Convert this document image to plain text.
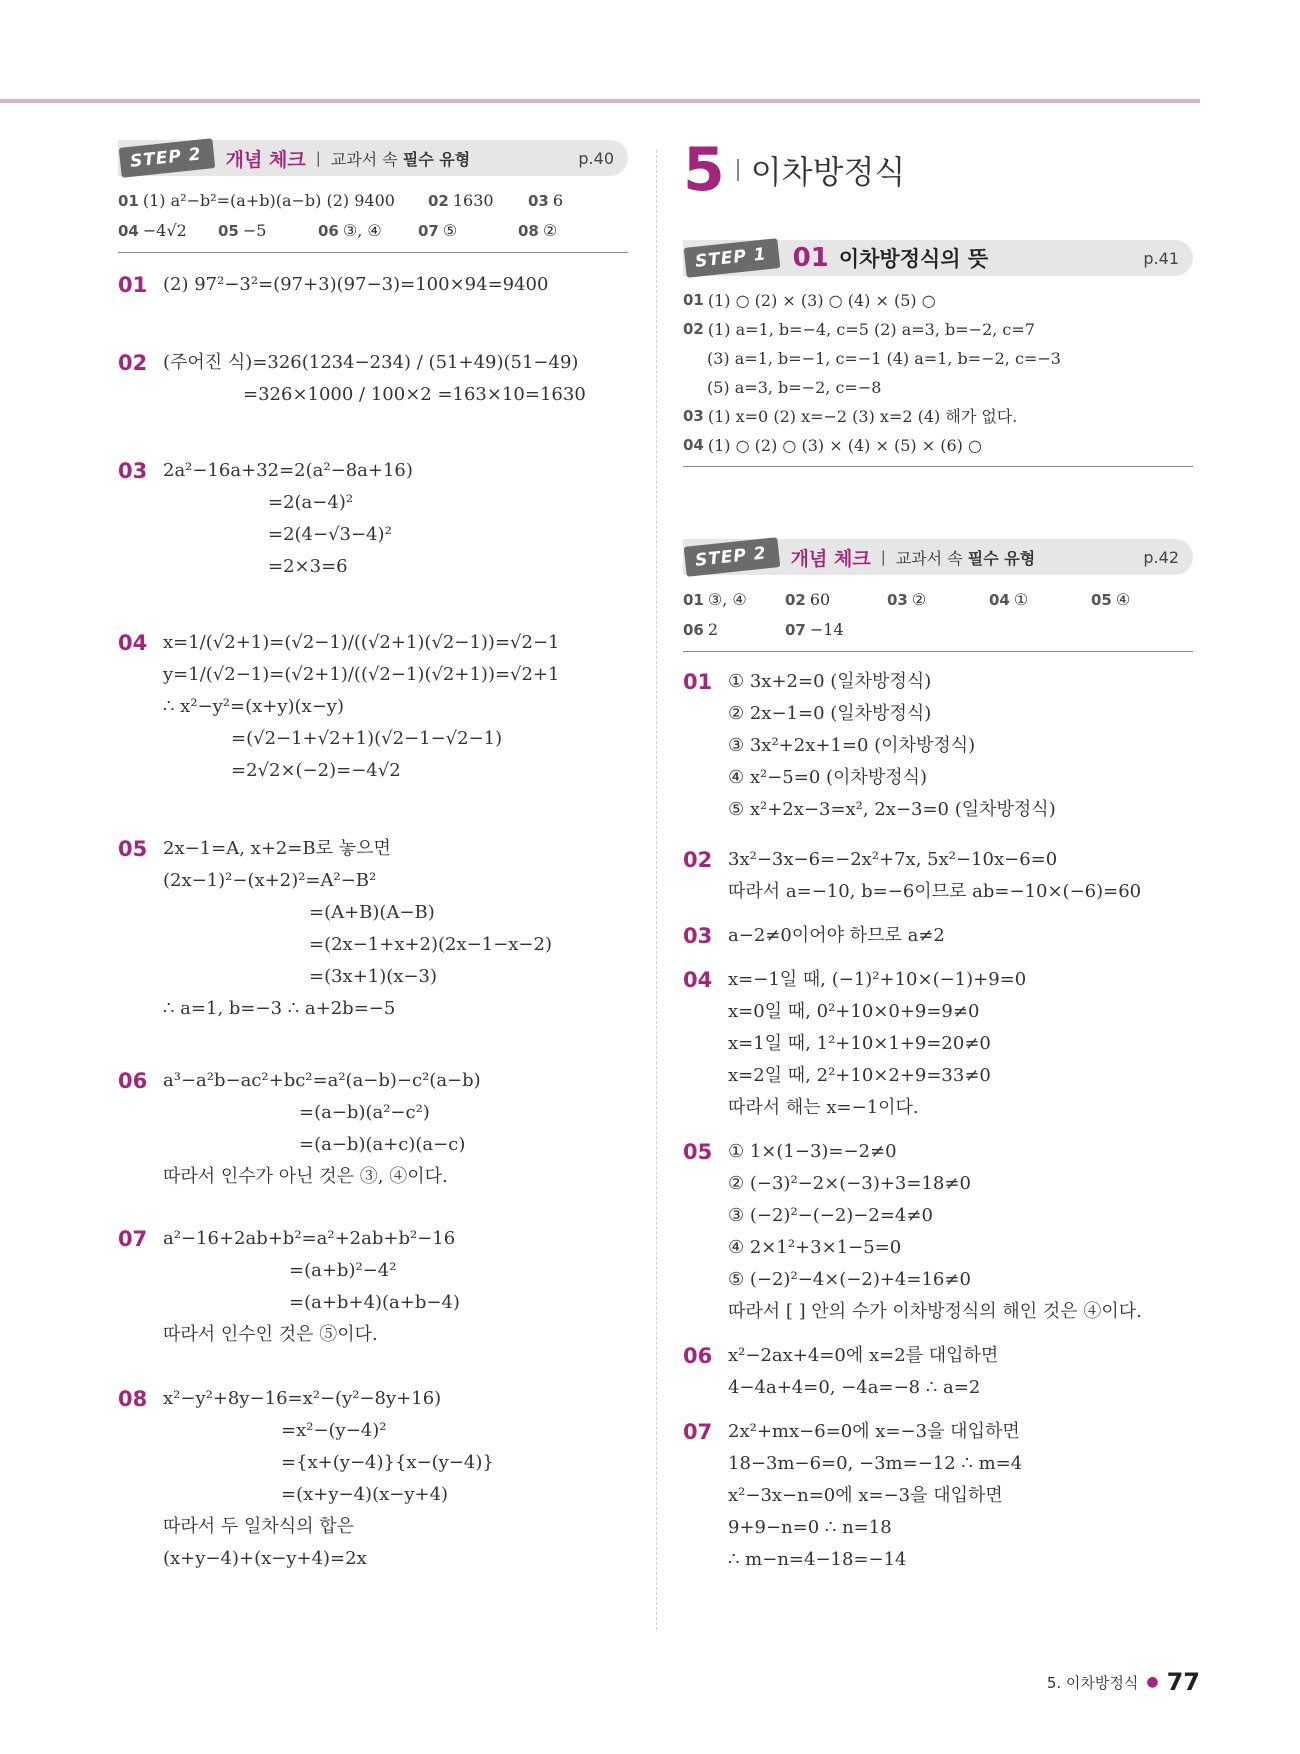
STEP 2	개념 체크 | 교과서 속 필수 유형	p.40
01 (1) a²−b²=(a+b)(a−b) (2) 9400	02 1630	03 6
04 −4√2	05 −5	06 ③, ④	07 ⑤	08 ②
01 (2) 97²−3²=(97+3)(97−3)=100×94=9400
02 (주어진 식)=326(1234−234) / (51+49)(51−49)
=326×1000 / 100×2 =163×10=1630
03 2a²−16a+32=2(a²−8a+16)
=2(a−4)²
=2(4−√3−4)²
=2×3=6
04 x=1/(√2+1)=(√2−1)/((√2+1)(√2−1))=√2−1
y=1/(√2−1)=(√2+1)/((√2−1)(√2+1))=√2+1
∴ x²−y²=(x+y)(x−y)
=(√2−1+√2+1)(√2−1−√2−1)
=2√2×(−2)=−4√2
05 2x−1=A, x+2=B로 놓으면
(2x−1)²−(x+2)²=A²−B²
=(A+B)(A−B)
=(2x−1+x+2)(2x−1−x−2)
=(3x+1)(x−3)
∴ a=1, b=−3 ∴ a+2b=−5
06 a³−a²b−ac²+bc²=a²(a−b)−c²(a−b)
=(a−b)(a²−c²)
=(a−b)(a+c)(a−c)
따라서 인수가 아닌 것은 ③, ④이다.
07 a²−16+2ab+b²=a²+2ab+b²−16
=(a+b)²−4²
=(a+b+4)(a+b−4)
따라서 인수인 것은 ⑤이다.
08 x²−y²+8y−16=x²−(y²−8y+16)
=x²−(y−4)²
={x+(y−4)}{x−(y−4)}
=(x+y−4)(x−y+4)
따라서 두 일차식의 합은
(x+y−4)+(x−y+4)=2x
5 이차방정식
STEP 1 01 이차방정식의 뜻	p.41
01 (1) ○ (2) × (3) ○ (4) × (5) ○
02 (1) a=1, b=−4, c=5 (2) a=3, b=−2, c=7
(3) a=1, b=−1, c=−1 (4) a=1, b=−2, c=−3
(5) a=3, b=−2, c=−8
03 (1) x=0 (2) x=−2 (3) x=2 (4) 해가 없다.
04 (1) ○ (2) ○ (3) × (4) × (5) × (6) ○
STEP 2	개념 체크 | 교과서 속 필수 유형	p.42
01 ③, ④	02 60	03 ②	04 ①	05 ④
06 2	07 −14
01 ① 3x+2=0 (일차방정식)
② 2x−1=0 (일차방정식)
③ 3x²+2x+1=0 (이차방정식)
④ x²−5=0 (이차방정식)
⑤ x²+2x−3=x², 2x−3=0 (일차방정식)
02 3x²−3x−6=−2x²+7x, 5x²−10x−6=0
따라서 a=−10, b=−6이므로 ab=−10×(−6)=60
03 a−2≠0이어야 하므로 a≠2
04 x=−1일 때, (−1)²+10×(−1)+9=0
x=0일 때, 0²+10×0+9=9≠0
x=1일 때, 1²+10×1+9=20≠0
x=2일 때, 2²+10×2+9=33≠0
따라서 해는 x=−1이다.
05 ① 1×(1−3)=−2≠0
② (−3)²−2×(−3)+3=18≠0
③ (−2)²−(−2)−2=4≠0
④ 2×1²+3×1−5=0
⑤ (−2)²−4×(−2)+4=16≠0
따라서 [ ] 안의 수가 이차방정식의 해인 것은 ④이다.
06 x²−2ax+4=0에 x=2를 대입하면
4−4a+4=0, −4a=−8 ∴ a=2
07 2x²+mx−6=0에 x=−3을 대입하면
18−3m−6=0, −3m=−12 ∴ m=4
x²−3x−n=0에 x=−3을 대입하면
9+9−n=0 ∴ n=18
∴ m−n=4−18=−14
5. 이차방정식 ● 77
